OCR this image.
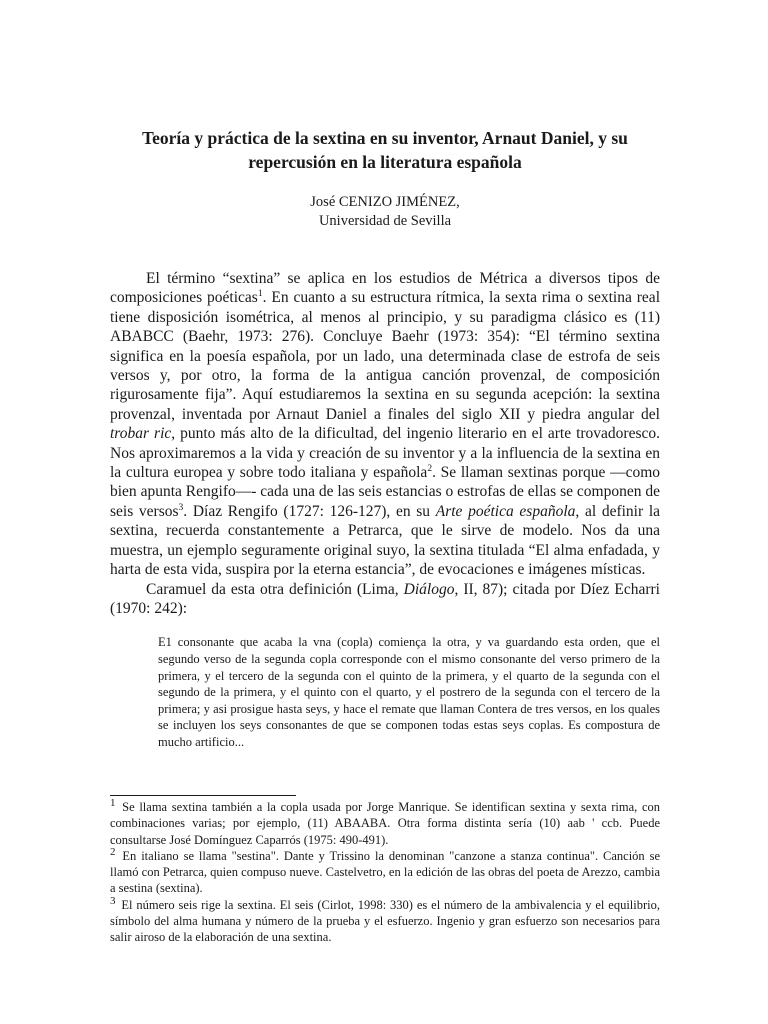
Teoría y práctica de la sextina en su inventor, Arnaut Daniel, y su
repercusión en la literatura española
José CENIZO JIMÉNEZ,
Universidad de Sevilla

El término “sextina” se aplica en los estudios de Métrica a diversos tipos de composiciones poéticas$^1$. En cuanto a su estructura rítmica, la sexta rima o sextina real tiene disposición isométrica, al menos al principio, y su paradigma clásico es (11) ABABCC (Baehr, 1973: 276). Concluye Baehr (1973: 354): “El término sextina significa en la poesía española, por un lado, una determinada clase de estrofa de seis versos y, por otro, la forma de la antigua canción provenzal, de composición rigurosamente fija”. Aquí estudiaremos la sextina en su segunda acepción: la sextina provenzal, inventada por Arnaut Daniel a finales del siglo XII y piedra angular del trobar ric, punto más alto de la dificultad, del ingenio literario en el arte trovadoresco. Nos aproximaremos a la vida y creación de su inventor y a la influencia de la sextina en la cultura europea y sobre todo italiana y española$^2$. Se llaman sextinas porque —como bien apunta Rengifo—- cada una de las seis estancias o estrofas de ellas se componen de seis versos$^3$. Díaz Rengifo (1727: 126-127), en su Arte poética española, al definir la sextina, recuerda constantemente a Petrarca, que le sirve de modelo. Nos da una muestra, un ejemplo seguramente original suyo, la sextina titulada “El alma enfadada, y harta de esta vida, suspira por la eterna estancia”, de evocaciones e imágenes místicas.

Caramuel da esta otra definición (Lima, Diálogo, II, 87); citada por Díez Echarri (1970: 242):

E1 consonante que acaba la vna (copla) comiença la otra, y va guardando esta orden, que el segundo verso de la segunda copla corresponde con el mismo consonante del verso primero de la primera, y el tercero de la segunda con el quinto de la primera, y el quarto de la segunda con el segundo de la primera, y el quinto con el quarto, y el postrero de la segunda con el tercero de la primera; y asi prosigue hasta seys, y hace el remate que llaman Contera de tres versos, en los quales se incluyen los seys consonantes de que se componen todas estas seys coplas. Es compostura de mucho artificio...

1 Se llama sextina también a la copla usada por Jorge Manrique. Se identifican sextina y sexta rima, con combinaciones varias; por ejemplo, (11) ABAABA. Otra forma distinta sería (10) aab ' ccb. Puede consultarse José Domínguez Caparrós (1975: 490-491).

2 En italiano se llama "sestina". Dante y Trissino la denominan "canzone a stanza continua". Canción se llamó con Petrarca, quien compuso nueve. Castelvetro, en la edición de las obras del poeta de Arezzo, cambia a sestina (sextina).

3 El número seis rige la sextina. El seis (Cirlot, 1998: 330) es el número de la ambivalencia y el equilibrio, símbolo del alma humana y número de la prueba y el esfuerzo. Ingenio y gran esfuerzo son necesarios para salir airoso de la elaboración de una sextina.
